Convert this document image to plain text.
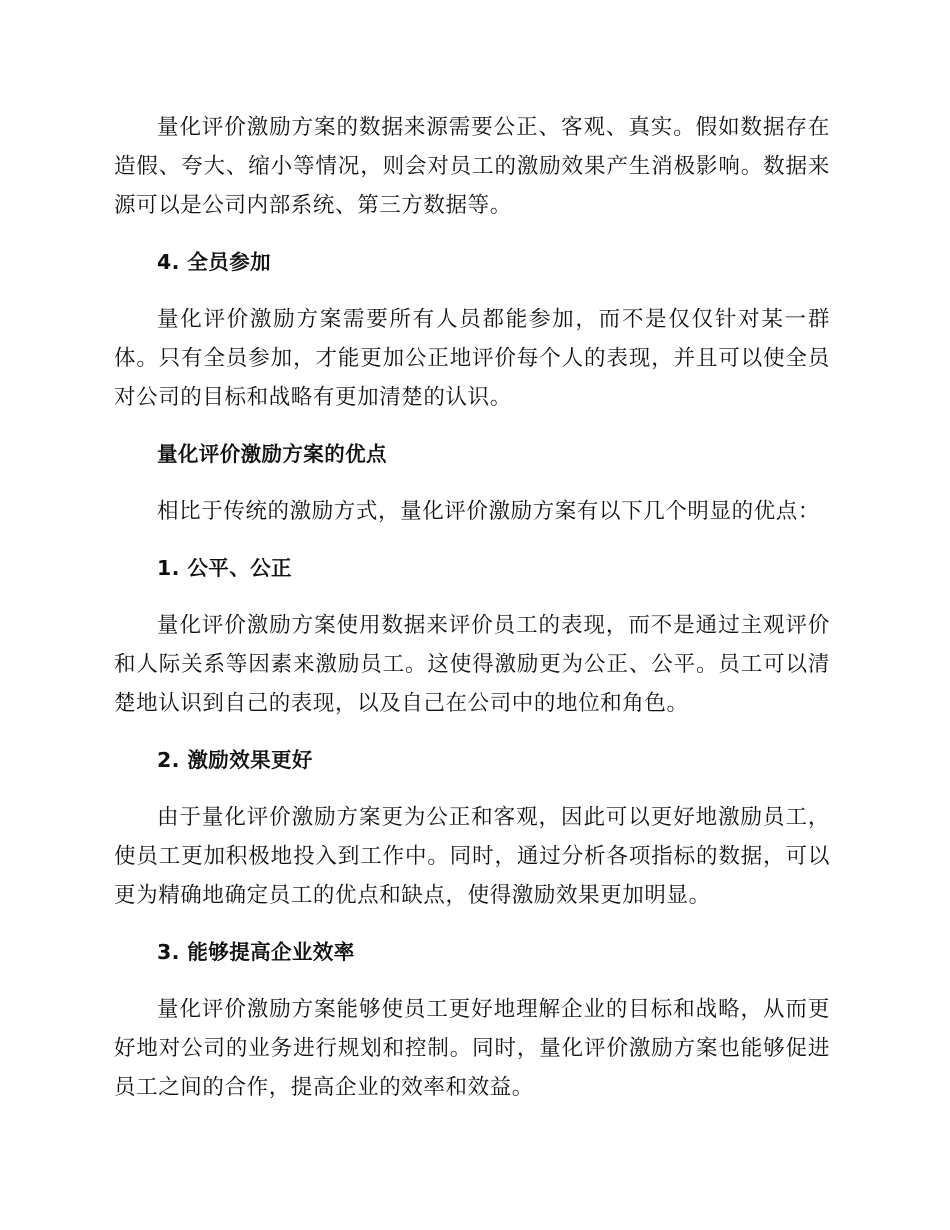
量化评价激励方案的数据来源需要公正、客观、真实。假如数据存在造假、夸大、缩小等情况，则会对员工的激励效果产生消极影响。数据来源可以是公司内部系统、第三方数据等。

4. 全员参加

量化评价激励方案需要所有人员都能参加，而不是仅仅针对某一群体。只有全员参加，才能更加公正地评价每个人的表现，并且可以使全员对公司的目标和战略有更加清楚的认识。

量化评价激励方案的优点

相比于传统的激励方式，量化评价激励方案有以下几个明显的优点：

1. 公平、公正

量化评价激励方案使用数据来评价员工的表现，而不是通过主观评价和人际关系等因素来激励员工。这使得激励更为公正、公平。员工可以清楚地认识到自己的表现，以及自己在公司中的地位和角色。

2. 激励效果更好

由于量化评价激励方案更为公正和客观，因此可以更好地激励员工，使员工更加积极地投入到工作中。同时，通过分析各项指标的数据，可以更为精确地确定员工的优点和缺点，使得激励效果更加明显。

3. 能够提高企业效率

量化评价激励方案能够使员工更好地理解企业的目标和战略，从而更好地对公司的业务进行规划和控制。同时，量化评价激励方案也能够促进员工之间的合作，提高企业的效率和效益。
